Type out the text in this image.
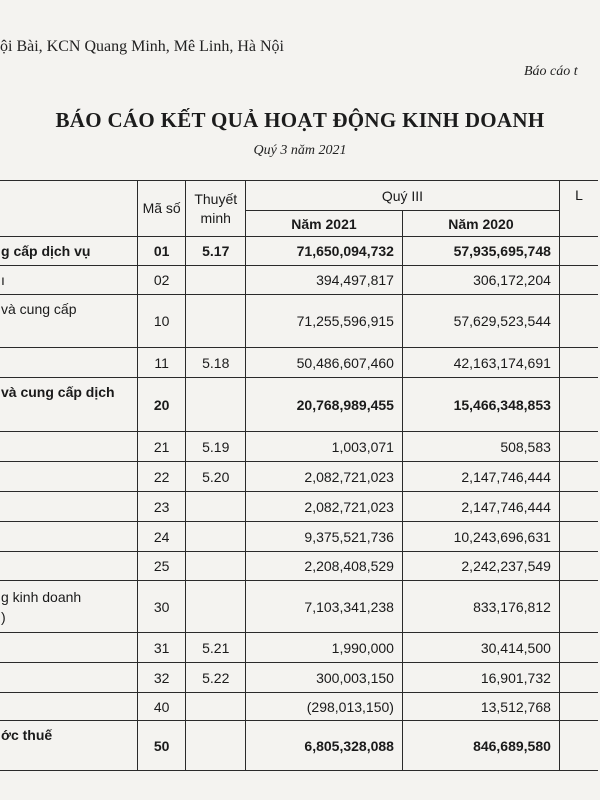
ội Bài, KCN Quang Minh, Mê Linh, Hà Nội
Báo cáo t
BÁO CÁO KẾT QUẢ HOẠT ĐỘNG KINH DOANH
Quý 3 năm 2021
	Mã số	Thuyết minh	Quý III		L
			Năm 2021	Năm 2020	
g cấp dịch vụ	01	5.17	71,650,094,732	57,935,695,748	
ı	02		394,497,817	306,172,204	
và cung cấp	10		71,255,596,915	57,629,523,544	
	11	5.18	50,486,607,460	42,163,174,691	
và cung cấp dịch	20		20,768,989,455	15,466,348,853	
	21	5.19	1,003,071	508,583	
	22	5.20	2,082,721,023	2,147,746,444	
	23		2,082,721,023	2,147,746,444	
	24		9,375,521,736	10,243,696,631	
	25		2,208,408,529	2,242,237,549	
g kinh doanh
)	30		7,103,341,238	833,176,812	
	31	5.21	1,990,000	30,414,500	
	32	5.22	300,003,150	16,901,732	
	40		(298,013,150)	13,512,768	
ớc thuế	50		6,805,328,088	846,689,580	
